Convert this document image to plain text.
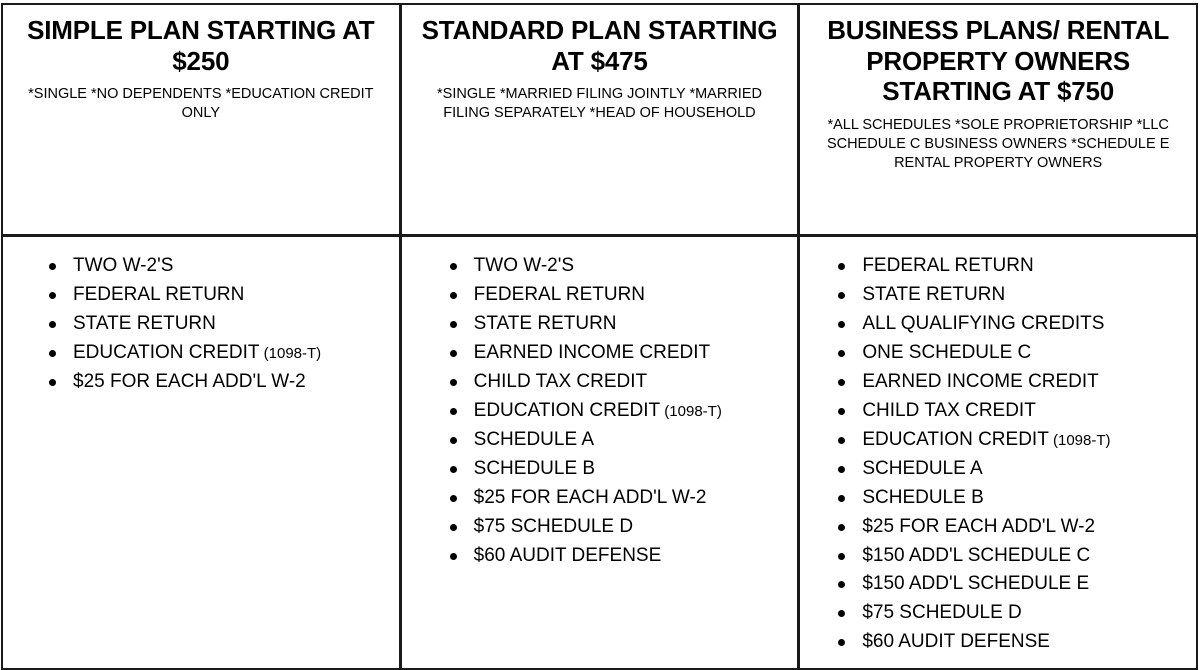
SIMPLE PLAN STARTING AT $250
*SINGLE *NO DEPENDENTS *EDUCATION CREDIT ONLY
STANDARD PLAN STARTING AT $475
*SINGLE *MARRIED FILING JOINTLY *MARRIED FILING SEPARATELY *HEAD OF HOUSEHOLD
BUSINESS PLANS/ RENTAL PROPERTY OWNERS STARTING AT $750
*ALL SCHEDULES *SOLE PROPRIETORSHIP *LLC SCHEDULE C BUSINESS OWNERS *SCHEDULE E RENTAL PROPERTY OWNERS
TWO W-2'S
FEDERAL RETURN
STATE RETURN
EDUCATION CREDIT (1098-T)
$25 FOR EACH ADD'L W-2
TWO W-2'S
FEDERAL RETURN
STATE RETURN
EARNED INCOME CREDIT
CHILD TAX CREDIT
EDUCATION CREDIT (1098-T)
SCHEDULE A
SCHEDULE B
$25 FOR EACH ADD'L W-2
$75 SCHEDULE D
$60 AUDIT DEFENSE
FEDERAL RETURN
STATE RETURN
ALL QUALIFYING CREDITS
ONE SCHEDULE C
EARNED INCOME CREDIT
CHILD TAX CREDIT
EDUCATION CREDIT (1098-T)
SCHEDULE A
SCHEDULE B
$25 FOR EACH ADD'L W-2
$150 ADD'L SCHEDULE C
$150 ADD'L SCHEDULE E
$75 SCHEDULE D
$60 AUDIT DEFENSE
